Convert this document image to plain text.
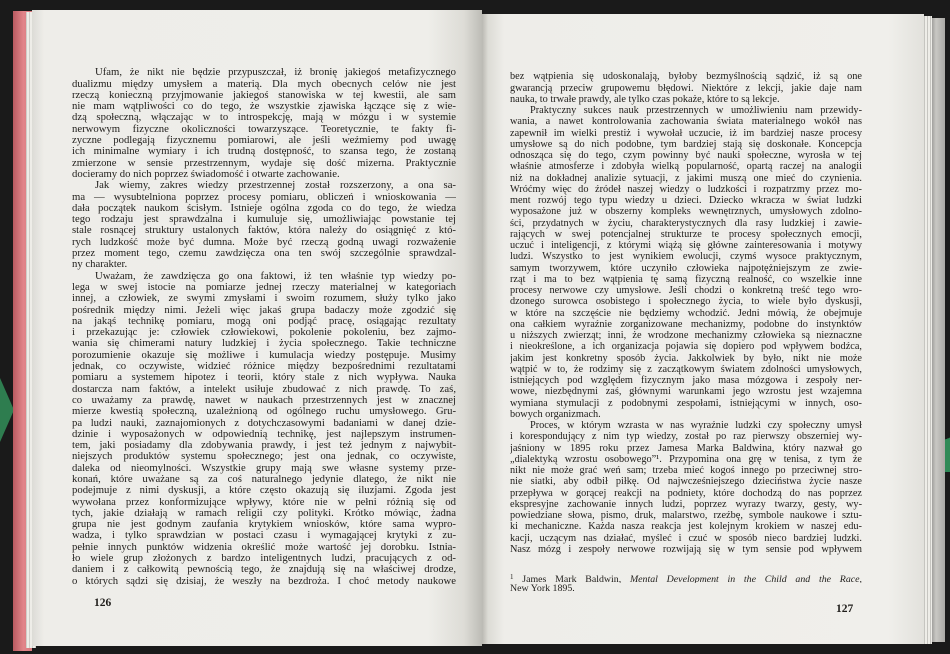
Ufam, że nikt nie będzie przypuszczał, iż bronię jakiegoś metafizycznego
dualizmu między umysłem a materią. Dla mych obecnych celów nie jest
rzeczą konieczną przyjmowanie jakiegoś stanowiska w tej kwestii, ale sam
nie mam wątpliwości co do tego, że wszystkie zjawiska łączące się z wie-
dzą społeczną, włączając w to introspekcję, mają w mózgu i w systemie
nerwowym fizyczne okoliczności towarzyszące. Teoretycznie, te fakty fi-
zyczne podlegają fizycznemu pomiarowi, ale jeśli weźmiemy pod uwagę
ich minimalne wymiary i ich trudną dostępność, to szansa tego, że zostaną
zmierzone w sensie przestrzennym, wydaje się dość mizerna. Praktycznie
docieramy do nich poprzez świadomość i otwarte zachowanie.
Jak wiemy, zakres wiedzy przestrzennej został rozszerzony, a ona sa-
ma — wysubtelniona poprzez procesy pomiaru, obliczeń i wnioskowania —
dała początek naukom ścisłym. Istnieje ogólna zgoda co do tego, że wiedza
tego rodzaju jest sprawdzalna i kumuluje się, umożliwiając powstanie tej
stale rosnącej struktury ustalonych faktów, która należy do osiągnięć z któ-
rych ludzkość może być dumna. Może być rzeczą godną uwagi rozważenie
przez moment tego, czemu zawdzięcza ona ten swój szczególnie sprawdzal-
ny charakter.
Uważam, że zawdzięcza go ona faktowi, iż ten właśnie typ wiedzy po-
lega w swej istocie na pomiarze jednej rzeczy materialnej w kategoriach
innej, a człowiek, ze swymi zmysłami i swoim rozumem, służy tylko jako
pośrednik między nimi. Jeżeli więc jakaś grupa badaczy może zgodzić się
na jakąś technikę pomiaru, mogą oni podjąć pracę, osiągając rezultaty
i przekazując je: człowiek człowiekowi, pokolenie pokoleniu, bez zajmo-
wania się chimerami natury ludzkiej i życia społecznego. Takie techniczne
porozumienie okazuje się możliwe i kumulacja wiedzy postępuje. Musimy
jednak, co oczywiste, widzieć różnice między bezpośrednimi rezultatami
pomiaru a systemem hipotez i teorii, który stale z nich wypływa. Nauka
dostarcza nam faktów, a intelekt usiłuje zbudować z nich prawdę. To zaś,
co uważamy za prawdę, nawet w naukach przestrzennych jest w znacznej
mierze kwestią społeczną, uzależnioną od ogólnego ruchu umysłowego. Gru-
pa ludzi nauki, zaznajomionych z dotychczasowymi badaniami w danej dzie-
dzinie i wyposażonych w odpowiednią technikę, jest najlepszym instrumen-
tem, jaki posiadamy dla zdobywania prawdy, i jest też jednym z najwybit-
niejszych produktów systemu społecznego; jest ona jednak, co oczywiste,
daleka od nieomylności. Wszystkie grupy mają swe własne systemy prze-
konań, które uważane są za coś naturalnego jedynie dlatego, że nikt nie
podejmuje z nimi dyskusji, a które często okazują się iluzjami. Zgoda jest
wywołana przez konformizujące wpływy, które nie w pełni różnią się od
tych, jakie działają w ramach religii czy polityki. Krótko mówiąc, żadna
grupa nie jest godnym zaufania krytykiem wniosków, które sama wypro-
wadza, i tylko sprawdzian w postaci czasu i wymagającej krytyki z zu-
pełnie innych punktów widzenia określić może wartość jej dorobku. Istnia-
ło wiele grup złożonych z bardzo inteligentnych ludzi, pracujących z od-
daniem i z całkowitą pewnością tego, że znajdują się na właściwej drodze,
o których sądzi się dzisiaj, że weszły na bezdroża. I choć metody naukowe
126
bez wątpienia się udoskonalają, byłoby bezmyślnością sądzić, iż są one
gwarancją przeciw grupowemu błędowi. Niektóre z lekcji, jakie daje nam
nauka, to trwałe prawdy, ale tylko czas pokaże, które to są lekcje.
Praktyczny sukces nauk przestrzennych w umożliwieniu nam przewidy-
wania, a nawet kontrolowania zachowania świata materialnego wokół nas
zapewnił im wielki prestiż i wywołał uczucie, iż im bardziej nasze procesy
umysłowe są do nich podobne, tym bardziej stają się doskonałe. Koncepcja
odnosząca się do tego, czym powinny być nauki społeczne, wyrosła w tej
właśnie atmosferze i zdobyła wielką popularność, opartą raczej na analogii
niż na dokładnej analizie sytuacji, z jakimi muszą one mieć do czynienia.
Wróćmy więc do źródeł naszej wiedzy o ludzkości i rozpatrzmy przez mo-
ment rozwój tego typu wiedzy u dzieci. Dziecko wkracza w świat ludzki
wyposażone już w obszerny kompleks wewnętrznych, umysłowych zdolno-
ści, przydatnych w życiu, charakterystycznych dla rasy ludzkiej i zawie-
rających w swej potencjalnej strukturze te procesy społecznych emocji,
uczuć i inteligencji, z którymi wiążą się główne zainteresowania i motywy
ludzi. Wszystko to jest wynikiem ewolucji, czymś wysoce praktycznym,
samym tworzywem, które uczyniło człowieka najpotężniejszym ze zwie-
rząt i ma to bez wątpienia tę samą fizyczną realność, co wszelkie inne
procesy nerwowe czy umysłowe. Jeśli chodzi o konkretną treść tego wro-
dzonego surowca osobistego i społecznego życia, to wiele było dyskusji,
w które na szczęście nie będziemy wchodzić. Jedni mówią, że obejmuje
ona całkiem wyraźnie zorganizowane mechanizmy, podobne do instynktów
u niższych zwierząt; inni, że wrodzone mechanizmy człowieka są nieznaczne
i nieokreślone, a ich organizacja pojawia się dopiero pod wpływem bodźca,
jakim jest konkretny sposób życia. Jakkolwiek by było, nikt nie może
wątpić w to, że rodzimy się z zaczątkowym światem zdolności umysłowych,
istniejących pod względem fizycznym jako masa mózgowa i zespoły ner-
wowe, niezbędnymi zaś, głównymi warunkami jego wzrostu jest wzajemna
wymiana stymulacji z podobnymi zespołami, istniejącymi w innych, oso-
bowych organizmach.
Proces, w którym wzrasta w nas wyraźnie ludzki czy społeczny umysł
i korespondujący z nim typ wiedzy, został po raz pierwszy obszerniej wy-
jaśniony w 1895 roku przez Jamesa Marka Baldwina, który nazwał go
„dialektyką wzrostu osobowego”¹. Przypomina ona grę w tenisa, z tym że
nikt nie może grać weń sam; trzeba mieć kogoś innego po przeciwnej stro-
nie siatki, aby odbił piłkę. Od najwcześniejszego dzieciństwa życie nasze
przepływa w gorącej reakcji na podniety, które dochodzą do nas poprzez
ekspresyjne zachowanie innych ludzi, poprzez wyrazy twarzy, gesty, wy-
powiedziane słowa, pismo, druk, malarstwo, rzeźbę, symbole naukowe i sztu-
ki mechaniczne. Każda nasza reakcja jest kolejnym krokiem w naszej edu-
kacji, uczącym nas działać, myśleć i czuć w sposób nieco bardziej ludzki.
Nasz mózg i zespoły nerwowe rozwijają się w tym sensie pod wpływem
$^1$ James Mark Baldwin, Mental Development in the Child and the Race,
New York 1895.
127
